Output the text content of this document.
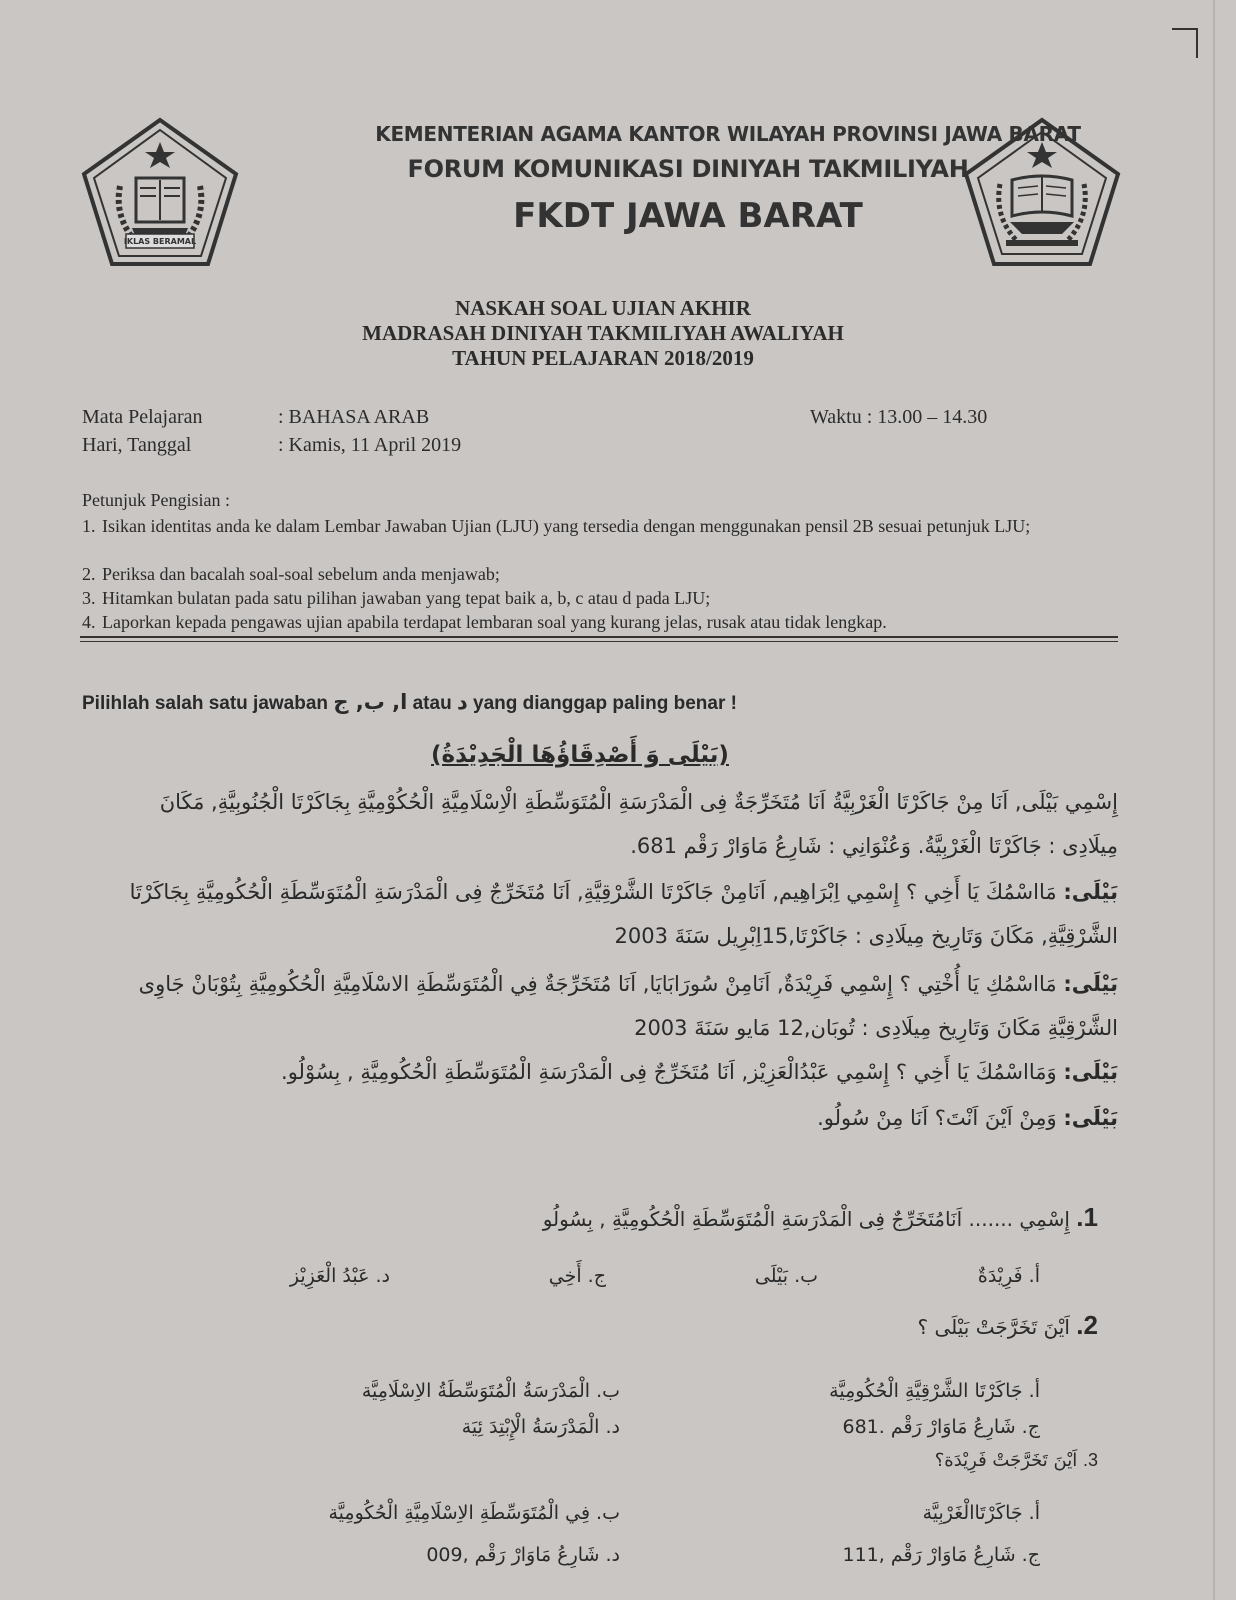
IKLAS BERAMAL
KEMENTERIAN AGAMA KANTOR WILAYAH PROVINSI JAWA BARAT
FORUM KOMUNIKASI DINIYAH TAKMILIYAH
FKDT JAWA BARAT
NASKAH SOAL UJIAN AKHIR
MADRASAH DINIYAH TAKMILIYAH AWALIYAH
TAHUN PELAJARAN 2018/2019
Mata Pelajaran	: BAHASA ARAB
Hari, Tanggal	: Kamis, 11 April 2019
Waktu : 13.00 – 14.30
Petunjuk Pengisian :
1. Isikan identitas anda ke dalam Lembar Jawaban Ujian (LJU) yang tersedia dengan menggunakan pensil 2B sesuai petunjuk LJU;
2. Periksa dan bacalah soal-soal sebelum anda menjawab;
3. Hitamkan bulatan pada satu pilihan jawaban yang tepat baik a, b, c atau d pada LJU;
4. Laporkan kepada pengawas ujian apabila terdapat lembaran soal yang kurang jelas, rusak atau tidak lengkap.
Pilihlah salah satu jawaban ا, ب, ج atau د yang dianggap paling benar !
(بَيْلَى وَ أَصْدِقَاؤُهَا الْجَدِيْدَةُ)
إِسْمِي بَيْلَى, اَنَا مِنْ جَاكَرْتَا الْغَرْبِيَّةُ اَنَا مُتَخَرِّجَةٌ فِى الْمَدْرَسَةِ الْمُتَوَسِّطَةِ الْاِسْلَامِيَّةِ الْحُكُوْمِيَّةِ بِجَاكَرْتَا الْجُنُوبِيَّةِ, مَكَانَ مِيلَادِى : جَاكَرْتَا الْغَرْبِيَّةُ. وَعُنْوَانِي : شَارِعُ مَاوَارْ رَقْم 681.
بَيْلَى: مَااسْمُكَ يَا أَخِي ؟ إِسْمِي اِبْرَاهِيم, اَنَامِنْ جَاكَرْتَا الشَّرْقِيَّةِ, اَنَا مُتَخَرِّجٌ فِى الْمَدْرَسَةِ الْمُتَوَسِّطَةِ الْحُكُومِيَّةِ بِجَاكَرْتَا الشَّرْقِيَّةِ, مَكَانَ وَتَارِيخ مِيلَادِى : جَاكَرْتَا,15اِبْرِيل سَنَةَ 2003
بَيْلَى: مَااسْمُكِ يَا أُخْتِي ؟ إِسْمِي فَرِيْدَةٌ, اَنَامِنْ سُورَابَايَا, اَنَا مُتَخَرِّجَةٌ فِي الْمُتَوَسِّطَةِ الاسْلَامِيَّةِ الْحُكُومِيَّةِ بِتُوْبَانْ جَاوِى الشَّرْقِيَّةِ مَكَانَ وَتَارِيخ مِيلَادِى : تُوبَان,12 مَايو سَنَةَ 2003
بَيْلَى: وَمَااسْمُكَ يَا أَخِي ؟ إِسْمِي عَبْدُالْعَزِيْز, اَنَا مُتَخَرِّجٌ فِى الْمَدْرَسَةِ الْمُتَوَسِّطَةِ الْحُكُومِيَّةِ , بِسُوْلُو.
بَيْلَى: وَمِنْ اَيْنَ اَنْتَ؟ اَنَا مِنْ سُولُو.
1. إِسْمِي ....... اَنَامُتَخَرِّجٌ فِى الْمَدْرَسَةِ الْمُتَوَسِّطَةِ الْحُكُومِيَّةِ , بِسُولُو
أ. فَرِيْدَةٌ
ب. بَيْلَى
ج. أَخِي
د. عَبْدُ الْعَزِيْز
2. اَيْنَ تَخَرَّجَتْ بَيْلَى ؟
أ. جَاكَرْتَا الشَّرْقِيَّةِ الْحُكُومِيَّة
ب. الْمَدْرَسَةُ الْمُتَوَسِّطَةُ الاِسْلَامِيَّة
ج. شَارِعُ مَاوَارْ رَقْم .681
د. الْمَدْرَسَةُ الْإِبْتِدَ ئِيَة
3. اَيْنَ تَخَرَّجَتْ فَرِيْدَة؟
أ. جَاكَرْتَاالْغَرْبِيَّة
ب. فِي الْمُتَوَسِّطَةِ الاِسْلَامِيَّةِ الْحُكُومِيَّة
ج. شَارِعُ مَاوَارْ رَقْم ,111
د. شَارِعُ مَاوَارْ رَقْم ,009
